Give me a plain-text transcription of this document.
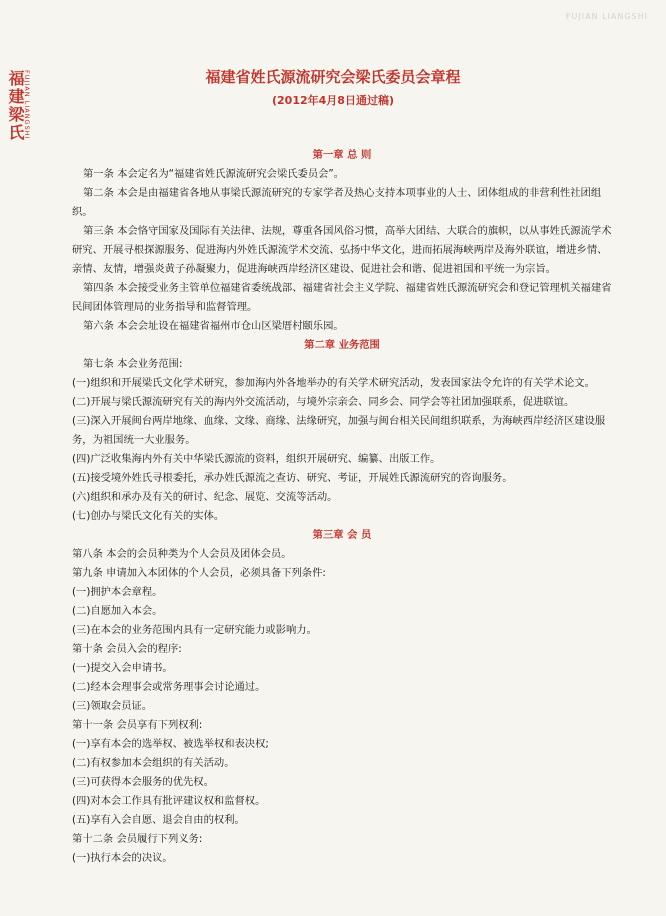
福建梁氏
FUJIAN LIANGSHI
FUJIAN LIANGSHI
福建省姓氏源流研究会梁氏委员会章程
(2012年4月8日通过稿)

第一章 总 则

第一条 本会定名为“福建省姓氏源流研究会梁氏委员会”。

第二条 本会是由福建省各地从事梁氏源流研究的专家学者及热心支持本项事业的人士、团体组成的非营利性社团组织。

第三条 本会恪守国家及国际有关法律、法规，尊重各国风俗习惯，高举大团结、大联合的旗帜，以从事姓氏源流学术研究、开展寻根探源服务、促进海内外姓氏源流学术交流、弘扬中华文化，进而拓展海峡两岸及海外联谊，增进乡情、亲情、友情，增强炎黄子孙凝聚力，促进海峡西岸经济区建设、促进社会和谐、促进祖国和平统一为宗旨。

第四条 本会接受业务主管单位福建省委统战部、福建省社会主义学院、福建省姓氏源流研究会和登记管理机关福建省民间团体管理局的业务指导和监督管理。

第六条 本会会址设在福建省福州市仓山区梁厝村颐乐园。

第二章 业务范围

第七条 本会业务范围:

(一)组织和开展梁氏文化学术研究，参加海内外各地举办的有关学术研究活动，发表国家法令允许的有关学术论文。

(二)开展与梁氏源流研究有关的海内外交流活动，与境外宗亲会、同乡会、同学会等社团加强联系，促进联谊。

(三)深入开展闽台两岸地缘、血缘、文缘、商缘、法缘研究，加强与闽台相关民间组织联系，为海峡西岸经济区建设服务，为祖国统一大业服务。

(四)广泛收集海内外有关中华梁氏源流的资料，组织开展研究、编纂、出版工作。

(五)接受境外姓氏寻根委托，承办姓氏源流之查访、研究、考证，开展姓氏源流研究的咨询服务。

(六)组织和承办及有关的研讨、纪念、展览、交流等活动。

(七)创办与梁氏文化有关的实体。

第三章 会 员

第八条 本会的会员种类为个人会员及团体会员。

第九条 申请加入本团体的个人会员，必须具备下列条件:

(一)拥护本会章程。

(二)自愿加入本会。

(三)在本会的业务范围内具有一定研究能力或影响力。

第十条 会员入会的程序:

(一)提交入会申请书。

(二)经本会理事会或常务理事会讨论通过。

(三)领取会员证。

第十一条 会员享有下列权利:

(一)享有本会的选举权、被选举权和表决权;

(二)有权参加本会组织的有关活动。

(三)可获得本会服务的优先权。

(四)对本会工作具有批评建议权和监督权。

(五)享有入会自愿、退会自由的权利。

第十二条 会员履行下列义务:

(一)执行本会的决议。
